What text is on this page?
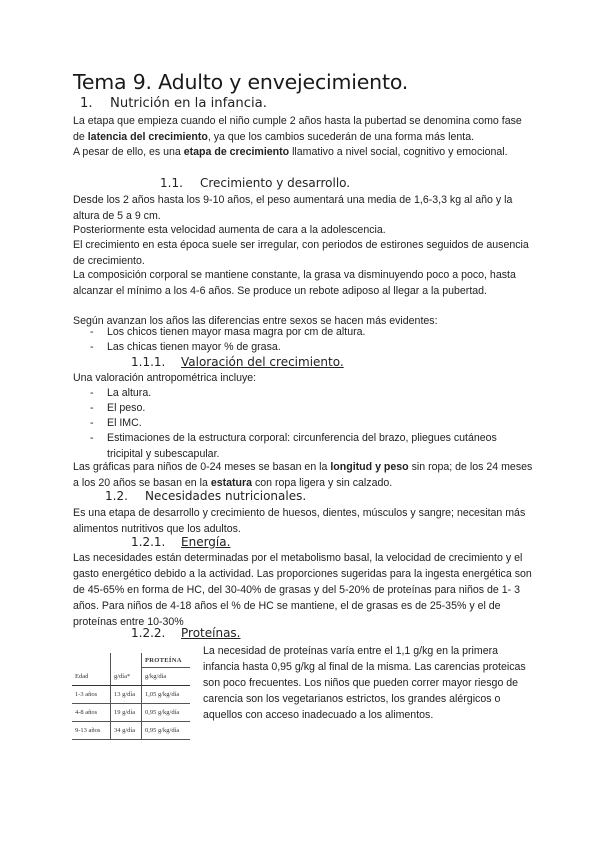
Tema 9. Adulto y envejecimiento.
1. Nutrición en la infancia.
La etapa que empieza cuando el niño cumple 2 años hasta la pubertad se denomina como fase de latencia del crecimiento, ya que los cambios sucederán de una forma más lenta.
A pesar de ello, es una etapa de crecimiento llamativo a nivel social, cognitivo y emocional.
1.1. Crecimiento y desarrollo.
Desde los 2 años hasta los 9-10 años, el peso aumentará una media de 1,6-3,3 kg al año y la altura de 5 a 9 cm.
Posteriormente esta velocidad aumenta de cara a la adolescencia.
El crecimiento en esta época suele ser irregular, con periodos de estirones seguidos de ausencia de crecimiento.
La composición corporal se mantiene constante, la grasa va disminuyendo poco a poco, hasta alcanzar el mínimo a los 4-6 años. Se produce un rebote adiposo al llegar a la pubertad.
Según avanzan los años las diferencias entre sexos se hacen más evidentes:
- Los chicos tienen mayor masa magra por cm de altura.
- Las chicas tienen mayor % de grasa.
1.1.1. Valoración del crecimiento.
Una valoración antropométrica incluye:
- La altura.
- El peso.
- El IMC.
-	Estimaciones de la estructura corporal: circunferencia del brazo, pliegues cutáneos tricipital y subescapular.
Las gráficas para niños de 0-24 meses se basan en la longitud y peso sin ropa; de los 24 meses a los 20 años se basan en la estatura con ropa ligera y sin calzado.
1.2. Necesidades nutricionales.
Es una etapa de desarrollo y crecimiento de huesos, dientes, músculos y sangre; necesitan más alimentos nutritivos que los adultos.
1.2.1. Energía.
Las necesidades están determinadas por el metabolismo basal, la velocidad de crecimiento y el gasto energético debido a la actividad. Las proporciones sugeridas para la ingesta energética son de 45-65% en forma de HC, del 30-40% de grasas y del 5-20% de proteínas para niños de 1- 3 años. Para niños de 4-18 años el % de HC se mantiene, el de grasas es de 25-35% y el de proteínas entre 10-30%
1.2.2. Proteínas.
		PROTEÍNA
Edad	g/día*	g/kg/día
1-3 años	13 g/día	1,05 g/kg/día
4-8 años	19 g/día	0,95 g/kg/día
9-13 años	34 g/día	0,95 g/kg/día
La necesidad de proteínas varía entre el 1,1 g/kg en la primera infancia hasta 0,95 g/kg al final de la misma. Las carencias proteicas son poco frecuentes. Los niños que pueden correr mayor riesgo de carencia son los vegetarianos estrictos, los grandes alérgicos o aquellos con acceso inadecuado a los alimentos.
